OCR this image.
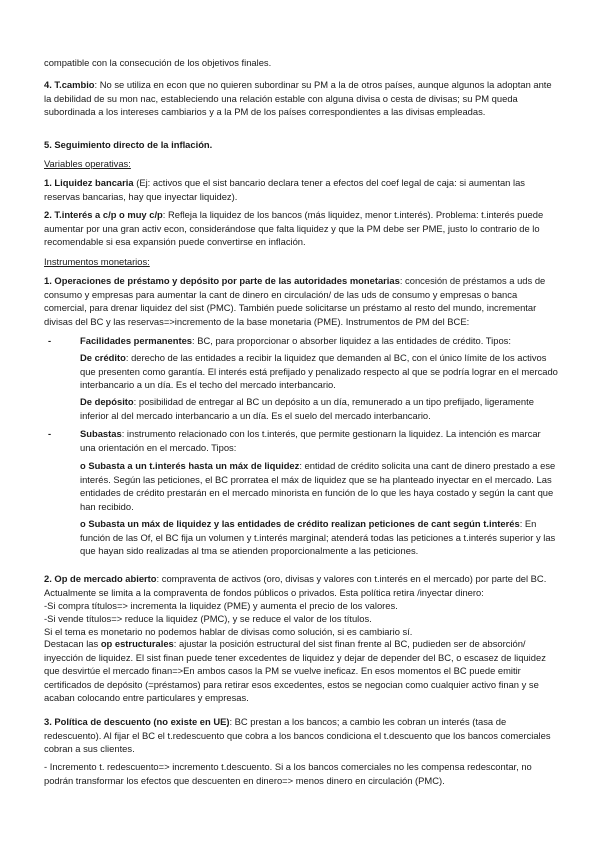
compatible con la consecución de los objetivos finales.

4. T.cambio: No se utiliza en econ que no quieren subordinar su PM a la de otros países, aunque algunos la adoptan ante la debilidad de su mon nac, estableciendo una relación estable con alguna divisa o cesta de divisas; su PM queda subordinada a los intereses cambiarios y a la PM de los países correspondientes a las divisas empleadas.

5. Seguimiento directo de la inflación.

Variables operativas:

1. Liquidez bancaria (Ej: activos que el sist bancario declara tener a efectos del coef legal de caja: si aumentan las reservas bancarias, hay que inyectar liquidez).

2. T.interés a c/p o muy c/p: Refleja la liquidez de los bancos (más liquidez, menor t.interés). Problema: t.interés puede aumentar por una gran activ econ, considerándose que falta liquidez y que la PM debe ser PME, justo lo contrario de lo recomendable si esa expansión puede convertirse en inflación.

Instrumentos monetarios:

1. Operaciones de préstamo y depósito por parte de las autoridades monetarias: concesión de préstamos a uds de consumo y empresas para aumentar la cant de dinero en circulación/ de las uds de consumo y empresas o banca comercial, para drenar liquidez del sist (PMC). También puede solicitarse un préstamo al resto del mundo, incrementar divisas del BC y las reservas=>incremento de la base monetaria (PME). Instrumentos de PM del BCE:

-	Facilidades permanentes: BC, para proporcionar o absorber liquidez a las entidades de crédito. Tipos:

De crédito: derecho de las entidades a recibir la liquidez que demanden al BC, con el único límite de los activos que presenten como garantía. El interés está prefijado y penalizado respecto al que se podría lograr en el mercado interbancario a un día. Es el techo del mercado interbancario.

De depósito: posibilidad de entregar al BC un depósito a un día, remunerado a un tipo prefijado, ligeramente inferior al del mercado interbancario a un día. Es el suelo del mercado interbancario.

-	Subastas: instrumento relacionado con los t.interés, que permite gestionarn la liquidez. La intención es marcar una orientación en el mercado. Tipos:

o Subasta a un t.interés hasta un máx de liquidez: entidad de crédito solicita una cant de dinero prestado a ese interés. Según las peticiones, el BC prorratea el máx de liquidez que se ha planteado inyectar en el mercado. Las entidades de crédito prestarán en el mercado minorista en función de lo que les haya costado y según la cant que han recibido.

o Subasta un máx de liquidez y las entidades de crédito realizan peticiones de cant según t.interés: En función de las Of, el BC fija un volumen y t.interés marginal; atenderá todas las peticiones a t.interés superior y las que hayan sido realizadas al tma se atienden proporcionalmente a las peticiones.

2. Op de mercado abierto: compraventa de activos (oro, divisas y valores con t.interés en el mercado) por parte del BC. Actualmente se limita a la compraventa de fondos públicos o privados. Esta política retira /inyectar dinero:

-Si compra títulos=> incrementa la liquidez (PME) y aumenta el precio de los valores.

-Si vende títulos=> reduce la liquidez (PMC), y se reduce el valor de los títulos.

Si el tema es monetario no podemos hablar de divisas como solución, si es cambiario sí.

Destacan las op estructurales: ajustar la posición estructural del sist finan frente al BC, pudieden ser de absorción/ inyección de liquidez. El sist finan puede tener excedentes de liquidez y dejar de depender del BC, o escasez de liquidez que desvirtúe el mercado finan=>En ambos casos la PM se vuelve ineficaz. En esos momentos el BC puede emitir certificados de depósito (=préstamos) para retirar esos excedentes, estos se negocian como cualquier activo finan y se acaban colocando entre particulares y empresas.

3. Política de descuento (no existe en UE): BC prestan a los bancos; a cambio les cobran un interés (tasa de redescuento). Al fijar el BC el t.redescuento que cobra a los bancos condiciona el t.descuento que los bancos comerciales cobran a sus clientes.

- Incremento t. redescuento=> incremento t.descuento. Si a los bancos comerciales no les compensa redescontar, no podrán transformar los efectos que descuenten en dinero=> menos dinero en circulación (PMC).
